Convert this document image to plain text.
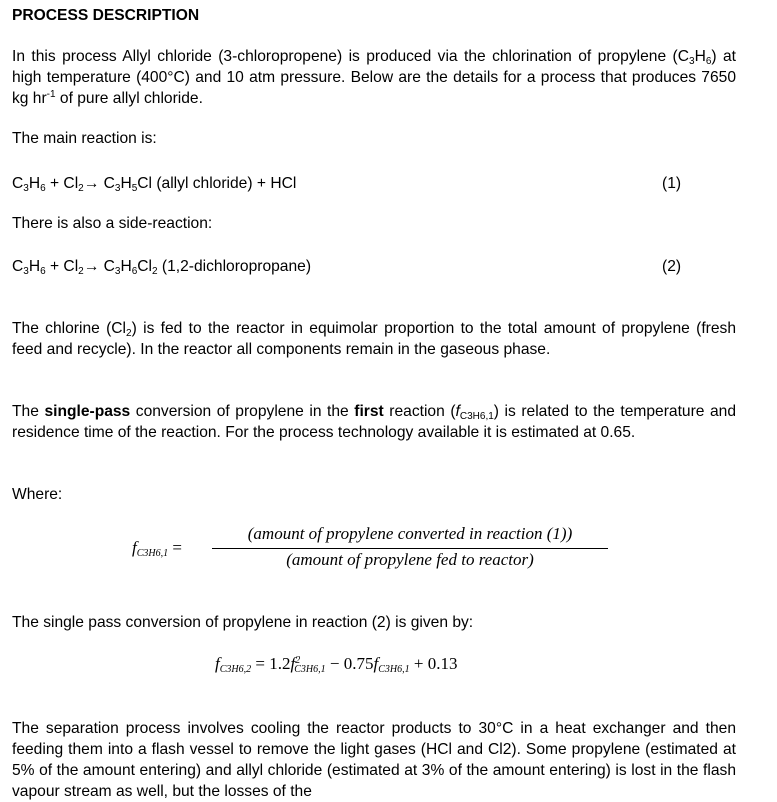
PROCESS DESCRIPTION

In this process Allyl chloride (3-chloropropene) is produced via the chlorination of propylene $(C_3H_6)$ at high temperature (400°C) and 10 atm pressure. Below are the details for a process that produces 7650 kg $hr^{-1}$ of pure allyl chloride.

The main reaction is:
$C_3H_6 + Cl_2\to C_3H_5Cl$ (allyl chloride) + HCl	(1)
There is also a side-reaction:
$C_3H_6 + Cl_2\to C_3H_6Cl_2$ (1,2-dichloropropane)	(2)

The chlorine $(Cl_2)$ is fed to the reactor in equimolar proportion to the total amount of propylene (fresh feed and recycle). In the reactor all components remain in the gaseous phase.

The single-pass conversion of propylene in the first reaction $(f_{C3H6,1})$ is related to the temperature and residence time of the reaction. For the process technology available it is estimated at 0.65.

Where:
$f_{C3H6,1}$ =
(amount of propylene converted in reaction (1))
(amount of propylene fed to reactor)
The single pass conversion of propylene in reaction (2) is given by:
$f_{C3H6,2} = 1.2f^2_{C3H6,1} - 0.75f_{C3H6,1} + 0.13$

The separation process involves cooling the reactor products to 30°C in a heat exchanger and then feeding them into a flash vessel to remove the light gases (HCl and Cl2). Some propylene (estimated at 5% of the amount entering) and allyl chloride (estimated at 3% of the amount entering) is lost in the flash vapour stream as well, but the losses of the
